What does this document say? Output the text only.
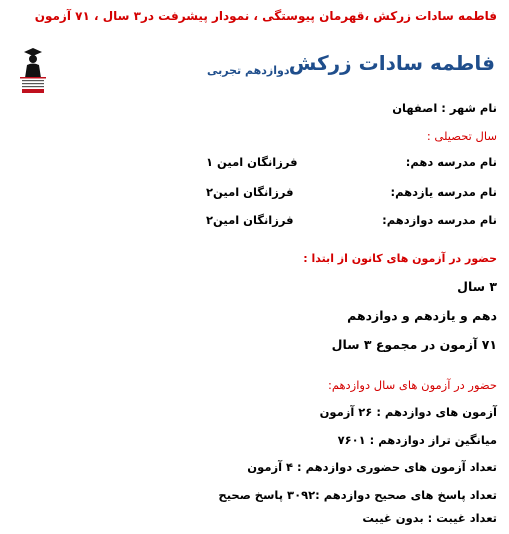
فاطمه سادات زرکش ،قهرمان پیوستگی ، نمودار پیشرفت در۳ سال ، ۷۱ آزمون
فاطمه سادات زرکش
دوازدهم تجربی
نام شهر : اصفهان
سال تحصیلی :
نام مدرسه دهم:
فرزانگان امین ۱
نام مدرسه یازدهم:
فرزانگان امین۲
نام مدرسه دوازدهم:
فرزانگان امین۲
حضور در آزمون های کانون از ابتدا :
۳ سال
دهم و یازدهم و دوازدهم
۷۱ آزمون در مجموع ۳ سال
حضور در آزمون های سال دوازدهم:
آزمون های دوازدهم : ۲۶ آزمون
میانگین تراز دوازدهم : ۷۶۰۱
تعداد آزمون های حضوری دوازدهم : ۴ آزمون
تعداد پاسخ های صحیح دوازدهم :۳۰۹۲ پاسخ صحیح
تعداد غیبت : بدون غیبت
